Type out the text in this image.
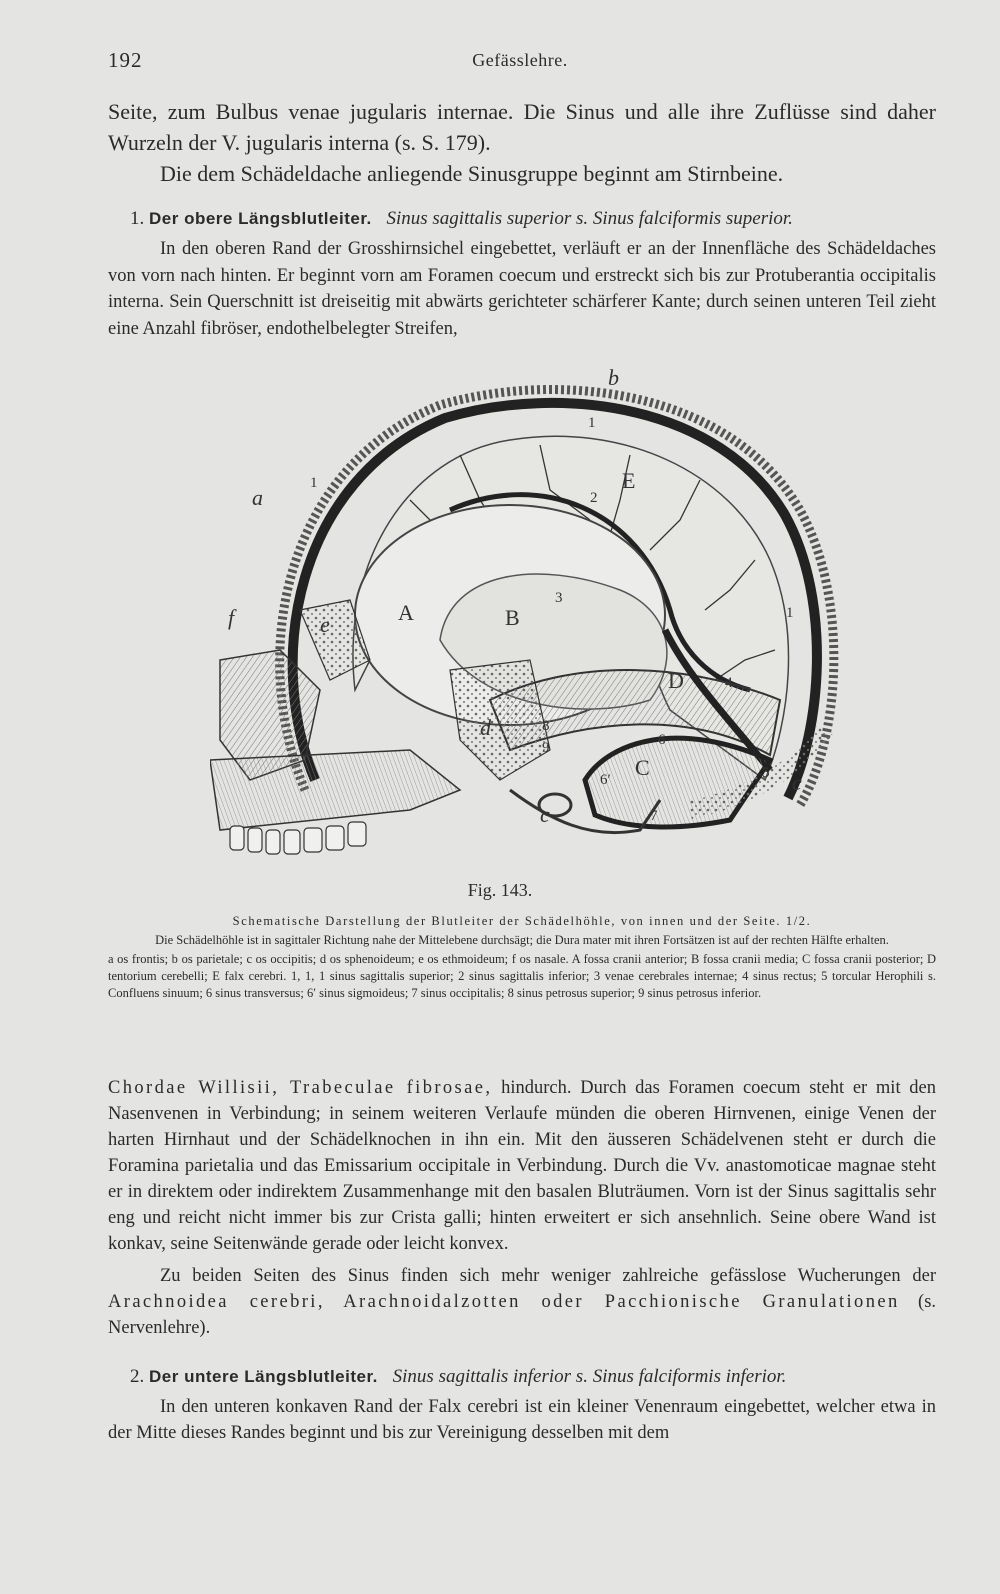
192	Gefässlehre.
Seite, zum Bulbus venae jugularis internae. Die Sinus und alle ihre Zuflüsse sind daher Wurzeln der V. jugularis interna (s. S. 179).
Die dem Schädeldache anliegende Sinusgruppe beginnt am Stirnbeine.
1. Der obere Längsblutleiter. Sinus sagittalis superior s. Sinus falciformis superior.
In den oberen Rand der Grosshirnsichel eingebettet, verläuft er an der Innenfläche des Schädeldaches von vorn nach hinten. Er beginnt vorn am Foramen coecum und erstreckt sich bis zur Protuberantia occipitalis interna. Sein Querschnitt ist dreiseitig mit abwärts gerichteter schärferer Kante; durch seinen unteren Teil zieht eine Anzahl fibröser, endothelbelegter Streifen,
a
b
c
c
d
e
f	A	B
C
D
E
1
1
1
2
3
4
5
6
6′
7
8
9
Fig. 143.
Schematische Darstellung der Blutleiter der Schädelhöhle, von innen und der Seite. 1/2.
Die Schädelhöhle ist in sagittaler Richtung nahe der Mittelebene durchsägt; die Dura mater mit ihren Fortsätzen ist auf der rechten Hälfte erhalten.
a os frontis; b os parietale; c os occipitis; d os sphenoideum; e os ethmoideum; f os nasale. A fossa cranii anterior; B fossa cranii media; C fossa cranii posterior; D tentorium cerebelli; E falx cerebri. 1, 1, 1 sinus sagittalis superior; 2 sinus sagittalis inferior; 3 venae cerebrales internae; 4 sinus rectus; 5 torcular Herophili s. Confluens sinuum; 6 sinus transversus; 6′ sinus sigmoideus; 7 sinus occipitalis; 8 sinus petrosus superior; 9 sinus petrosus inferior.
Chordae Willisii, Trabeculae fibrosae, hindurch. Durch das Foramen coecum steht er mit den Nasenvenen in Verbindung; in seinem weiteren Verlaufe münden die oberen Hirnvenen, einige Venen der harten Hirnhaut und der Schädelknochen in ihn ein. Mit den äusseren Schädelvenen steht er durch die Foramina parietalia und das Emissarium occipitale in Verbindung. Durch die Vv. anastomoticae magnae steht er in direktem oder indirektem Zusammenhange mit den basalen Bluträumen. Vorn ist der Sinus sagittalis sehr eng und reicht nicht immer bis zur Crista galli; hinten erweitert er sich ansehnlich. Seine obere Wand ist konkav, seine Seitenwände gerade oder leicht konvex.
Zu beiden Seiten des Sinus finden sich mehr weniger zahlreiche gefässlose Wucherungen der Arachnoidea cerebri, Arachnoidalzotten oder Pacchionische Granulationen (s. Nervenlehre).
2. Der untere Längsblutleiter. Sinus sagittalis inferior s. Sinus falciformis inferior.
In den unteren konkaven Rand der Falx cerebri ist ein kleiner Venenraum eingebettet, welcher etwa in der Mitte dieses Randes beginnt und bis zur Vereinigung desselben mit dem
